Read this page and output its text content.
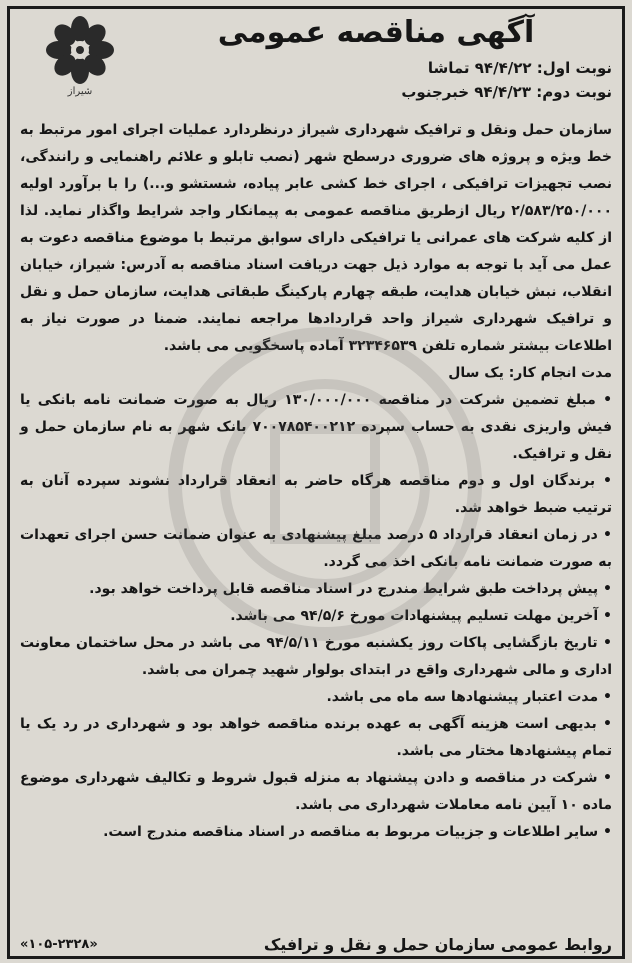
آگهی مناقصه عمومی
نوبت اول: ۹۴/۴/۲۲ تماشا
نوبت دوم: ۹۴/۴/۲۳ خبرجنوب
شیراز

سازمان حمل ونقل و ترافیک شهرداری شیراز درنظردارد عملیات اجرای امور مرتبط به خط ویژه و پروژه های ضروری درسطح شهر (نصب تابلو و علائم راهنمایی و رانندگی، نصب تجهیزات ترافیکی ، اجرای خط کشی عابر پیاده، شستشو و...) را با برآورد اولیه ۲/۵۸۳/۲۵۰/۰۰۰ ریال ازطریق مناقصه عمومی به پیمانکار واجد شرایط واگذار نماید. لذا از کلیه شرکت های عمرانی یا ترافیکی دارای سوابق مرتبط با موضوع مناقصه دعوت به عمل می آید با توجه به موارد ذیل جهت دریافت اسناد مناقصه به آدرس: شیراز، خیابان انقلاب، نبش خیابان هدایت، طبقه چهارم پارکینگ طبقاتی هدایت، سازمان حمل و نقل و ترافیک شهرداری شیراز واحد قراردادها مراجعه نمایند. ضمنا در صورت نیاز به اطلاعات بیشتر شماره تلفن ۳۲۳۴۶۵۳۹ آماده پاسخگویی می باشد.

مدت انجام کار: یک سال

• مبلغ تضمین شرکت در مناقصه ۱۳۰/۰۰۰/۰۰۰ ریال به صورت ضمانت نامه بانکی یا فیش واریزی نقدی به حساب سپرده ۷۰۰۷۸۵۴۰۰۲۱۲ بانک شهر به نام سازمان حمل و نقل و ترافیک.

• برندگان اول و دوم مناقصه هرگاه حاضر به انعقاد قرارداد نشوند سپرده آنان به ترتیب ضبط خواهد شد.

• در زمان انعقاد قرارداد ۵ درصد مبلغ پیشنهادی به عنوان ضمانت حسن اجرای تعهدات به صورت ضمانت نامه بانکی اخذ می گردد.

• پیش پرداخت طبق شرایط مندرج در اسناد مناقصه قابل پرداخت خواهد بود.

• آخرین مهلت تسلیم پیشنهادات مورخ ۹۴/۵/۶ می باشد.

• تاریخ بازگشایی پاکات روز یکشنبه مورخ ۹۴/۵/۱۱ می باشد در محل ساختمان معاونت اداری و مالی شهرداری واقع در ابتدای بولوار شهید چمران می باشد.

• مدت اعتبار پیشنهادها سه ماه می باشد.

• بدیهی است هزینه آگهی به عهده برنده مناقصه خواهد بود و شهرداری در رد یک یا تمام پیشنهادها مختار می باشد.

• شرکت در مناقصه و دادن پیشنهاد به منزله قبول شروط و تکالیف شهرداری موضوع ماده ۱۰ آیین نامه معاملات شهرداری می باشد.

• سایر اطلاعات و جزییات مربوط به مناقصه در اسناد مناقصه مندرج است.

روابط عمومی سازمان حمل و نقل و ترافیک
«۱۰۵-۲۳۲۸»
